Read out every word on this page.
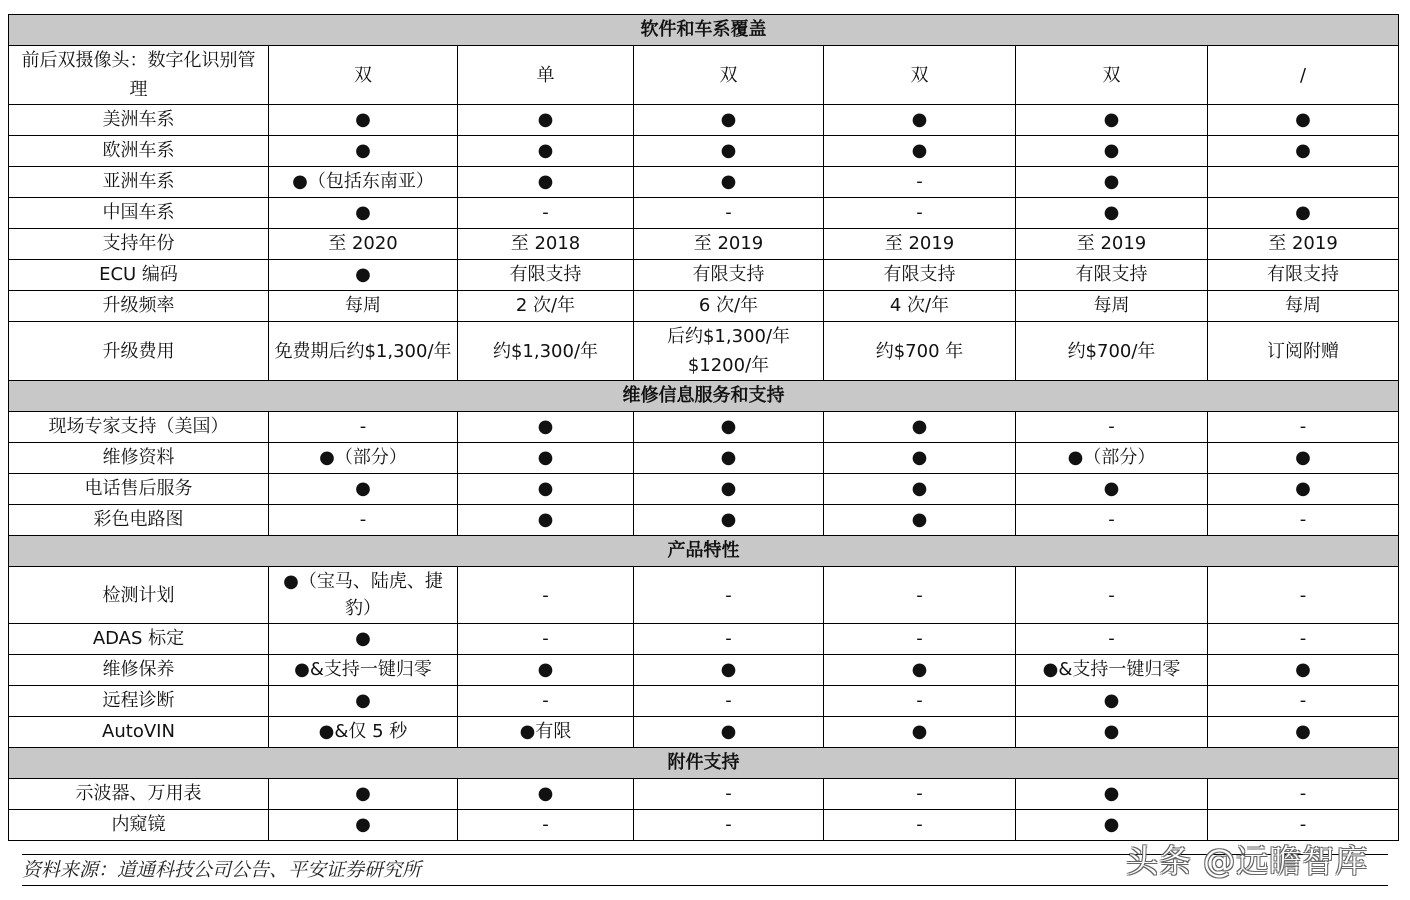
软件和车系覆盖						
前后双摄像头：数字化识别管理	双	单	双	双	双	/
美洲车系	●	●	●	●	●	●
欧洲车系	●	●	●	●	●	●
亚洲车系	●（包括东南亚）	●	●	-	●	
中国车系	●	-	-	-	●	●
支持年份	至 2020	至 2018	至 2019	至 2019	至 2019	至 2019
ECU 编码	●	有限支持	有限支持	有限支持	有限支持	有限支持
升级频率	每周	2 次/年	6 次/年	4 次/年	每周	每周
升级费用	免费期后约$1,300/年	约$1,300/年	后约$1,300/年$1200/年	约$700 年	约$700/年	订阅附赠
维修信息服务和支持						
现场专家支持（美国）	-	●	●	●	-	-
维修资料	●（部分）	●	●	●	●（部分）	●
电话售后服务	●	●	●	●	●	●
彩色电路图	-	●	●	●	-	-
产品特性						
检测计划	●（宝马、陆虎、捷豹）	-	-	-	-	-
ADAS 标定	●	-	-	-	-	-
维修保养	●&支持一键归零	●	●	●	●&支持一键归零	●
远程诊断	●	-	-	-	●	-
AutoVIN	●&仅 5 秒	●有限	●	●	●	●
附件支持						
示波器、万用表	●	●	-	-	●	-
内窥镜	●	-	-	-	●	-
资料来源：道通科技公司公告、平安证券研究所	头条 @远瞻智库
